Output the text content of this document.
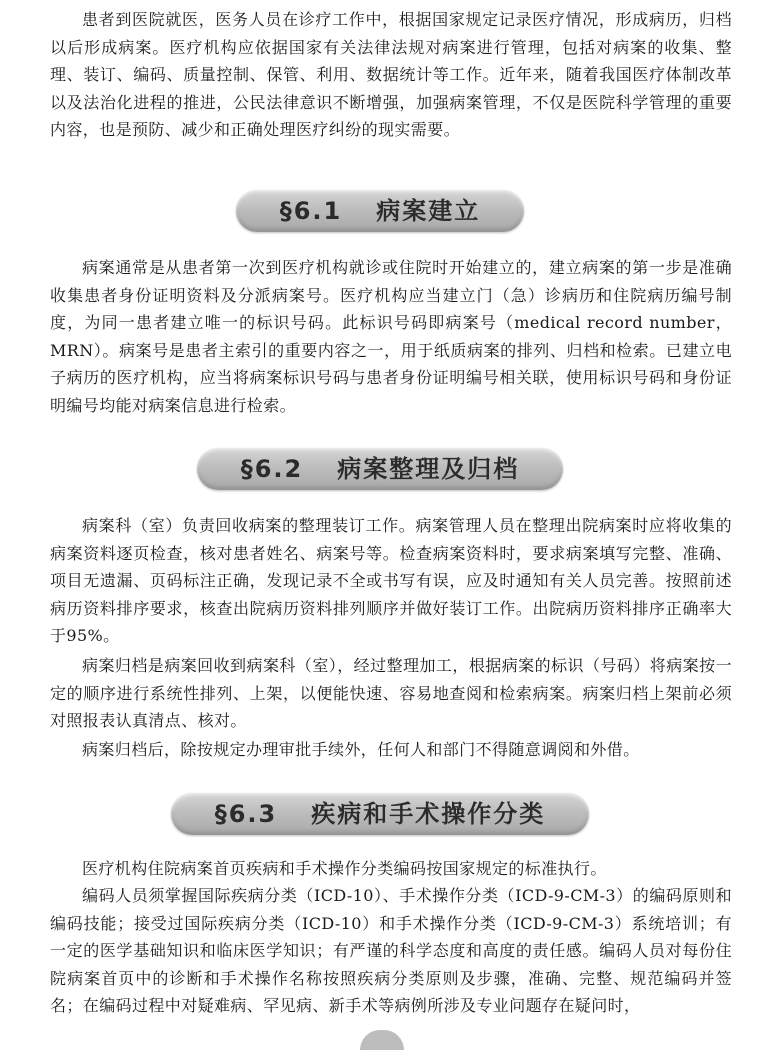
患者到医院就医，医务人员在诊疗工作中，根据国家规定记录医疗情况，形成病历，归档以后形成病案。医疗机构应依据国家有关法律法规对病案进行管理，包括对病案的收集、整理、装订、编码、质量控制、保管、利用、数据统计等工作。近年来，随着我国医疗体制改革以及法治化进程的推进，公民法律意识不断增强，加强病案管理，不仅是医院科学管理的重要内容，也是预防、减少和正确处理医疗纠纷的现实需要。

§6.1 病案建立

病案通常是从患者第一次到医疗机构就诊或住院时开始建立的，建立病案的第一步是准确收集患者身份证明资料及分派病案号。医疗机构应当建立门（急）诊病历和住院病历编号制度，为同一患者建立唯一的标识号码。此标识号码即病案号（medical record number，MRN）。病案号是患者主索引的重要内容之一，用于纸质病案的排列、归档和检索。已建立电子病历的医疗机构，应当将病案标识号码与患者身份证明编号相关联，使用标识号码和身份证明编号均能对病案信息进行检索。

§6.2 病案整理及归档

病案科（室）负责回收病案的整理装订工作。病案管理人员在整理出院病案时应将收集的病案资料逐页检查，核对患者姓名、病案号等。检查病案资料时，要求病案填写完整、准确、项目无遗漏、页码标注正确，发现记录不全或书写有误，应及时通知有关人员完善。按照前述病历资料排序要求，核查出院病历资料排列顺序并做好装订工作。出院病历资料排序正确率大于95%。

病案归档是病案回收到病案科（室），经过整理加工，根据病案的标识（号码）将病案按一定的顺序进行系统性排列、上架，以便能快速、容易地查阅和检索病案。病案归档上架前必须对照报表认真清点、核对。

病案归档后，除按规定办理审批手续外，任何人和部门不得随意调阅和外借。

§6.3 疾病和手术操作分类

医疗机构住院病案首页疾病和手术操作分类编码按国家规定的标准执行。

编码人员须掌握国际疾病分类（ICD-10）、手术操作分类（ICD-9-CM-3）的编码原则和编码技能；接受过国际疾病分类（ICD-10）和手术操作分类（ICD-9-CM-3）系统培训；有一定的医学基础知识和临床医学知识；有严谨的科学态度和高度的责任感。编码人员对每份住院病案首页中的诊断和手术操作名称按照疾病分类原则及步骤，准确、完整、规范编码并签名；在编码过程中对疑难病、罕见病、新手术等病例所涉及专业问题存在疑问时，
